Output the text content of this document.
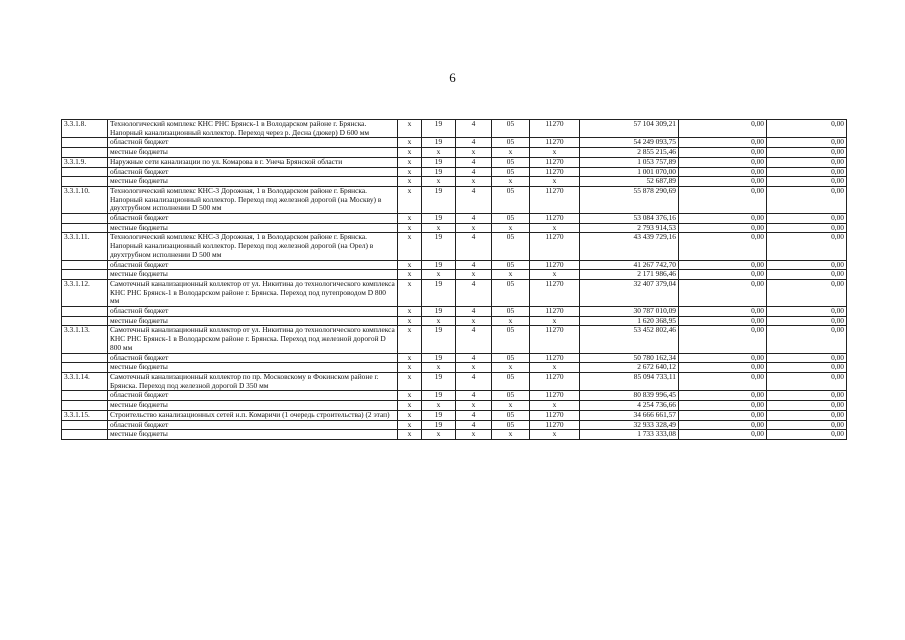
6
3.3.1.8.	Технологический комплекс КНС РНС Брянск-1 в Володарском районе г. Брянска. Напорный канализационный коллектор. Переход через р. Десна (дюкер) D 600 мм	х	19	4	05	11270	57 104 309,21	0,00	0,00
	областной бюджет	х	19	4	05	11270	54 249 093,75	0,00	0,00
	местные бюджеты	х	х	х	х	х	2 855 215,46	0,00	0,00
3.3.1.9.	Наружные сети канализации по ул. Комарова в г. Унеча Брянской области	х	19	4	05	11270	1 053 757,89	0,00	0,00
	областной бюджет	х	19	4	05	11270	1 001 070,00	0,00	0,00
	местные бюджеты	х	х	х	х	х	52 687,89	0,00	0,00
3.3.1.10.	Технологический комплекс КНС-3 Дорожная, 1 в Володарском районе г. Брянска. Напорный канализационный коллектор. Переход под железной дорогой (на Москву) в двухтрубном исполнении D 500 мм	х	19	4	05	11270	55 878 290,69	0,00	0,00
	областной бюджет	х	19	4	05	11270	53 084 376,16	0,00	0,00
	местные бюджеты	х	х	х	х	х	2 793 914,53	0,00	0,00
3.3.1.11.	Технологический комплекс КНС-3 Дорожная, 1 в Володарском районе г. Брянска. Напорный канализационный коллектор. Переход под железной дорогой (на Орел) в двухтрубном исполнении D 500 мм	х	19	4	05	11270	43 439 729,16	0,00	0,00
	областной бюджет	х	19	4	05	11270	41 267 742,70	0,00	0,00
	местные бюджеты	х	х	х	х	х	2 171 986,46	0,00	0,00
3.3.1.12.	Самотечный канализационный коллектор от ул. Никитина до технологического комплекса КНС РНС Брянск-1 в Володарском районе г. Брянска. Переход под путепроводом D 800 мм	х	19	4	05	11270	32 407 379,04	0,00	0,00
	областной бюджет	х	19	4	05	11270	30 787 010,09	0,00	0,00
	местные бюджеты	х	х	х	х	х	1 620 368,95	0,00	0,00
3.3.1.13.	Самотечный канализационный коллектор от ул. Никитина до технологического комплекса КНС РНС Брянск-1 в Володарском районе г. Брянска. Переход под железной дорогой D 800 мм	х	19	4	05	11270	53 452 802,46	0,00	0,00
	областной бюджет	х	19	4	05	11270	50 780 162,34	0,00	0,00
	местные бюджеты	х	х	х	х	х	2 672 640,12	0,00	0,00
3.3.1.14.	Самотечный канализационный коллектор по пр. Московскому в Фокинском районе г. Брянска. Переход под железной дорогой D 350 мм	х	19	4	05	11270	85 094 733,11	0,00	0,00
	областной бюджет	х	19	4	05	11270	80 839 996,45	0,00	0,00
	местные бюджеты	х	х	х	х	х	4 254 736,66	0,00	0,00
3.3.1.15.	Строительство канализационных сетей н.п. Комаричи (1 очередь строительства) (2 этап)	х	19	4	05	11270	34 666 661,57	0,00	0,00
	областной бюджет	х	19	4	05	11270	32 933 328,49	0,00	0,00
	местные бюджеты	х	х	х	х	х	1 733 333,08	0,00	0,00
